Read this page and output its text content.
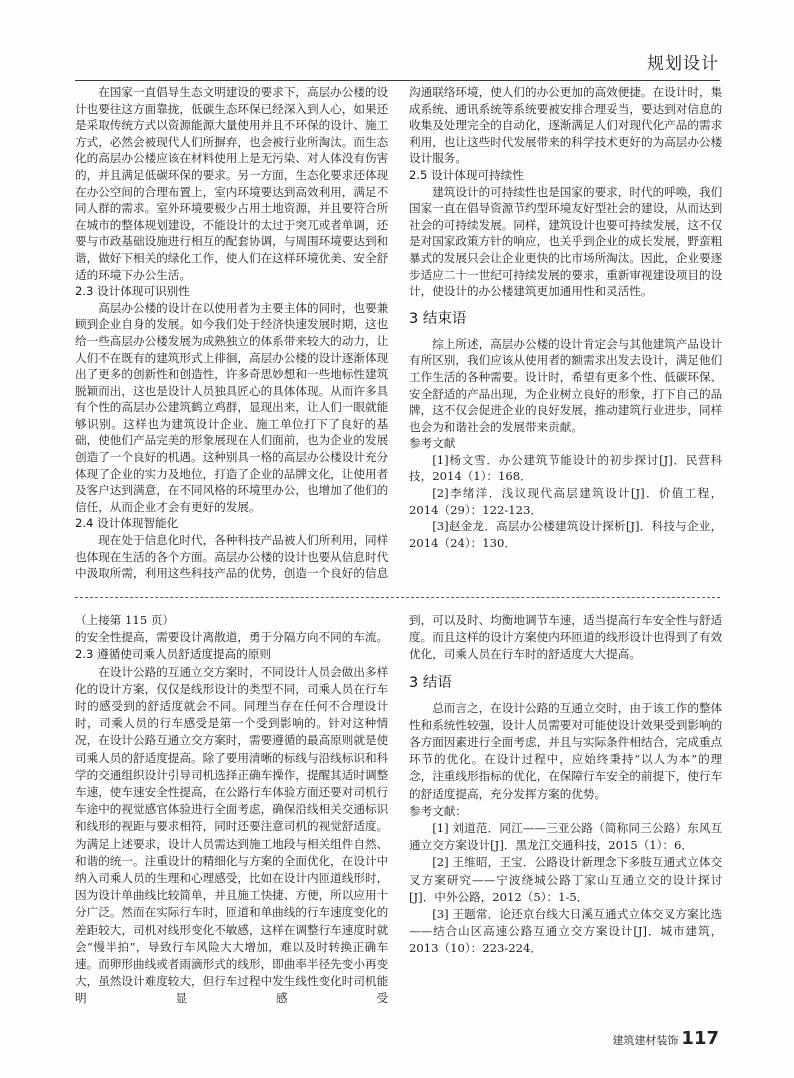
规划设计

在国家一直倡导生态文明建设的要求下，高层办公楼的设计也要往这方面靠拢，低碳生态环保已经深入到人心，如果还是采取传统方式以资源能源大量使用并且不环保的设计、施工方式，必然会被现代人们所摒弃，也会被行业所淘汰。而生态化的高层办公楼应该在材料使用上是无污染、对人体没有伤害的，并且满足低碳环保的要求。另一方面，生态化要求还体现在办公空间的合理布置上，室内环境要达到高效利用，满足不同人群的需求。室外环境要极少占用土地资源，并且要符合所在城市的整体规划建设，不能设计的太过于突兀或者单调，还要与市政基础设施进行相互的配套协调，与周围环境要达到和谐，做好下相关的绿化工作，使人们在这样环境优美、安全舒适的环境下办公生活。

2.3 设计体现可识别性

高层办公楼的设计在以使用者为主要主体的同时，也要兼顾到企业自身的发展。如今我们处于经济快速发展时期，这也给一些高层办公楼发展为成熟独立的体系带来较大的动力，让人们不在既有的建筑形式上徘徊，高层办公楼的设计逐渐体现出了更多的创新性和创造性，许多奇思妙想和一些地标性建筑脱颖而出，这也是设计人员独具匠心的具体体现。从而许多具有个性的高层办公建筑鹤立鸡群，显现出来，让人们一眼就能够识别。这样也为建筑设计企业、施工单位打下了良好的基础，使他们产品完美的形象展现在人们面前，也为企业的发展创造了一个良好的机遇。这种别具一格的高层办公楼设计充分体现了企业的实力及地位，打造了企业的品牌文化，让使用者及客户达到满意，在不同风格的环境里办公，也增加了他们的信任，从而企业才会有更好的发展。

2.4 设计体现智能化

现在处于信息化时代，各种科技产品被人们所利用，同样也体现在生活的各个方面。高层办公楼的设计也要从信息时代中汲取所需，利用这些科技产品的优势，创造一个良好的信息

沟通联络环境，使人们的办公更加的高效便捷。在设计时，集成系统、通讯系统等系统要被安排合理妥当，要达到对信息的收集及处理完全的自动化，逐渐满足人们对现代化产品的需求利用，也让这些时代发展带来的科学技术更好的为高层办公楼设计服务。

2.5 设计体现可持续性

建筑设计的可持续性也是国家的要求，时代的呼唤，我们国家一直在倡导资源节约型环境友好型社会的建设，从而达到社会的可持续发展。同样，建筑设计也要可持续发展，这不仅是对国家政策方针的响应，也关乎到企业的成长发展，野蛮粗暴式的发展只会让企业更快的比市场所淘汰。因此，企业要逐步适应二十一世纪可持续发展的要求，重新审视建设项目的设计，使设计的办公楼建筑更加通用性和灵活性。

3 结束语

综上所述，高层办公楼的设计肯定会与其他建筑产品设计有所区别，我们应该从使用者的额需求出发去设计，满足他们工作生活的各种需要。设计时，希望有更多个性、低碳环保、安全舒适的产品出现，为企业树立良好的形象，打下自己的品牌，这不仅会促进企业的良好发展，推动建筑行业进步，同样也会为和谐社会的发展带来贡献。

参考文献

[1]杨文雪．办公建筑节能设计的初步探讨[J]．民营科技，2014（1）：168．

[2]李绪洋．浅议现代高层建筑设计[J]．价值工程，2014（29）：122-123．

[3]赵金龙．高层办公楼建筑设计探析[J]．科技与企业，2014（24）：130．

（上接第 115 页）

的安全性提高，需要设计离散道，勇于分隔方向不同的车流。

2.3 遵循使司乘人员舒适度提高的原则

在设计公路的互通立交方案时，不同设计人员会做出多样化的设计方案，仅仅是线形设计的类型不同，司乘人员在行车时的感受到的舒适度就会不同。同理当存在任何不合理设计时，司乘人员的行车感受是第一个受到影响的。针对这种情况，在设计公路互通立交方案时，需要遵循的最高原则就是使司乘人员的舒适度提高。除了要用清晰的标线与沿线标识和科学的交通组织设计引导司机选择正确车操作，提醒其适时调整车速，使车速安全性提高，在公路行车体验方面还要对司机行车途中的视觉感官体验进行全面考虑，确保沿线相关交通标识和线形的视距与要求相符，同时还要注意司机的视觉舒适度。为满足上述要求，设计人员需达到施工地段与相关组件自然、和谐的统一。注重设计的精细化与方案的全面优化，在设计中纳入司乘人员的生理和心理感受，比如在设计内匝道线形时，因为设计单曲线比较简单，并且施工快捷、方便，所以应用十分广泛。然而在实际行车时，匝道和单曲线的行车速度变化的差距较大，司机对线形变化不敏感，这样在调整行车速度时就会“慢半拍”，导致行车风险大大增加，难以及时转换正确车速。而卵形曲线或者雨滴形式的线形，即曲率半径先变小再变大，虽然设计难度较大，但行车过程中发生线性变化时司机能明显感受

到，可以及时、均衡地调节车速，适当提高行车安全性与舒适度。而且这样的设计方案使内环匝道的线形设计也得到了有效优化，司乘人员在行车时的舒适度大大提高。

3 结语

总而言之，在设计公路的互通立交时，由于该工作的整体性和系统性较强，设计人员需要对可能使设计效果受到影响的各方面因素进行全面考虑，并且与实际条件相结合，完成重点环节的优化。在设计过程中，应始终秉持“以人为本”的理念，注重线形指标的优化，在保障行车安全的前提下，使行车的舒适度提高，充分发挥方案的优势。

参考文献：

[1] 刘道范．同江——三亚公路（简称同三公路）东风互通立交方案设计[J]．黑龙江交通科技，2015（1）：6．

[2] 王维昭，王宝．公路设计新理念下多肢互通式立体交叉方案研究——宁波绕城公路丁家山互通立交的设计探讨[J]．中外公路，2012（5）：1-5．

[3] 王题常．论还京台线大日溪互通式立体交叉方案比选——结合山区高速公路互通立交方案设计[J]．城市建筑，2013（10）：223-224．

建筑建材装饰 117
